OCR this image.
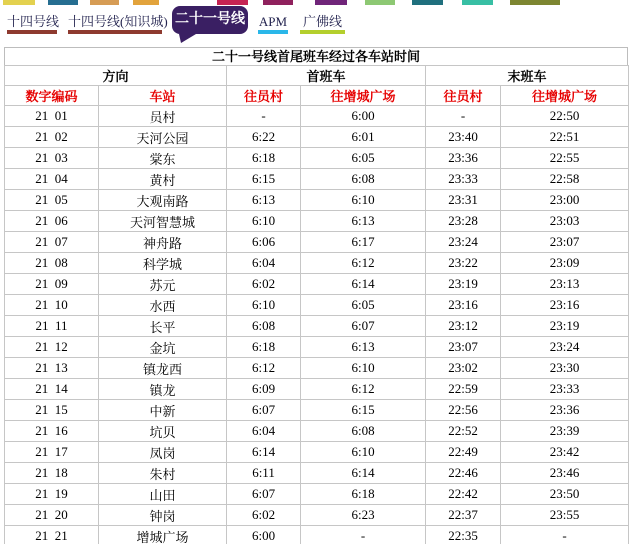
十四号线 十四号线(知识城) 二十一号线 APM 广佛线
二十一号线首尾班车经过各车站时间
方向		首班车		末班车	
数字编码	车站	往员村	往增城广场	往员村	往增城广场
21  01	员村	-	6:00	-	22:50
21  02	天河公园	6:22	6:01	23:40	22:51
21  03	棠东	6:18	6:05	23:36	22:55
21  04	黄村	6:15	6:08	23:33	22:58
21  05	大观南路	6:13	6:10	23:31	23:00
21  06	天河智慧城	6:10	6:13	23:28	23:03
21  07	神舟路	6:06	6:17	23:24	23:07
21  08	科学城	6:04	6:12	23:22	23:09
21  09	苏元	6:02	6:14	23:19	23:13
21  10	水西	6:10	6:05	23:16	23:16
21  11	长平	6:08	6:07	23:12	23:19
21  12	金坑	6:18	6:13	23:07	23:24
21  13	镇龙西	6:12	6:10	23:02	23:30
21  14	镇龙	6:09	6:12	22:59	23:33
21  15	中新	6:07	6:15	22:56	23:36
21  16	坑贝	6:04	6:08	22:52	23:39
21  17	凤岗	6:14	6:10	22:49	23:42
21  18	朱村	6:11	6:14	22:46	23:46
21  19	山田	6:07	6:18	22:42	23:50
21  20	钟岗	6:02	6:23	22:37	23:55
21  21	增城广场	6:00	-	22:35	-
